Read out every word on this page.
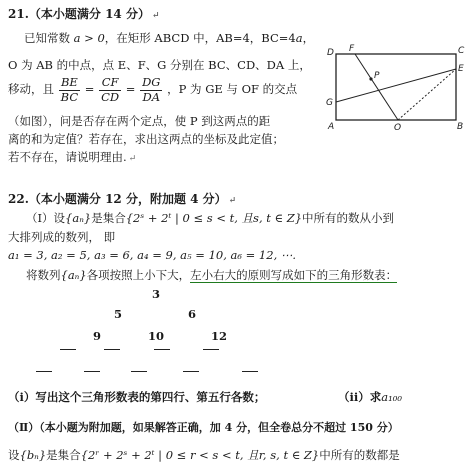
21.（本小题满分 14 分） ↵
已知常数 a > 0，在矩形 ABCD 中，AB=4，BC=4a，
O 为 AB 的中点，点 E、F、G 分别在 BC、CD、DA 上，
移动，且 $\frac{BE}{BC} = \frac{CF}{CD} = \frac{DG}{DA}$ ，P 为 GE 与 OF 的交点
（如图），问是否存在两个定点，使 P 到这两点的距
离的和为定值？若存在，求出这两点的坐标及此定值；
若不存在，请说明理由. ↵
D F	C
E
P
G
A	O	B
22.（本小题满分 12 分，附加题 4 分） ↵
（Ⅰ）设{aₙ}是集合{2ˢ + 2ᵗ | 0 ≤ s < t, 且s, t ∈ Z}中所有的数从小到
大排列成的数列， 即
a₁ = 3, a₂ = 5, a₃ = 6, a₄ = 9, a₅ = 10, a₆ = 12, ⋯.
将数列{aₙ}各项按照上小下大，左小右大的原则写成如下的三角形数表：
3
5	6
9	10	12
（ⅰ）写出这个三角形数表的第四行、第五行各数；	（ⅰⅰ）求a₁₀₀
（Ⅱ）（本小题为附加题，如果解答正确，加 4 分，但全卷总分不超过 150 分）
设{bₙ}是集合{2ʳ + 2ˢ + 2ᵗ | 0 ≤ r < s < t, 且r, s, t ∈ Z}中所有的数都是
